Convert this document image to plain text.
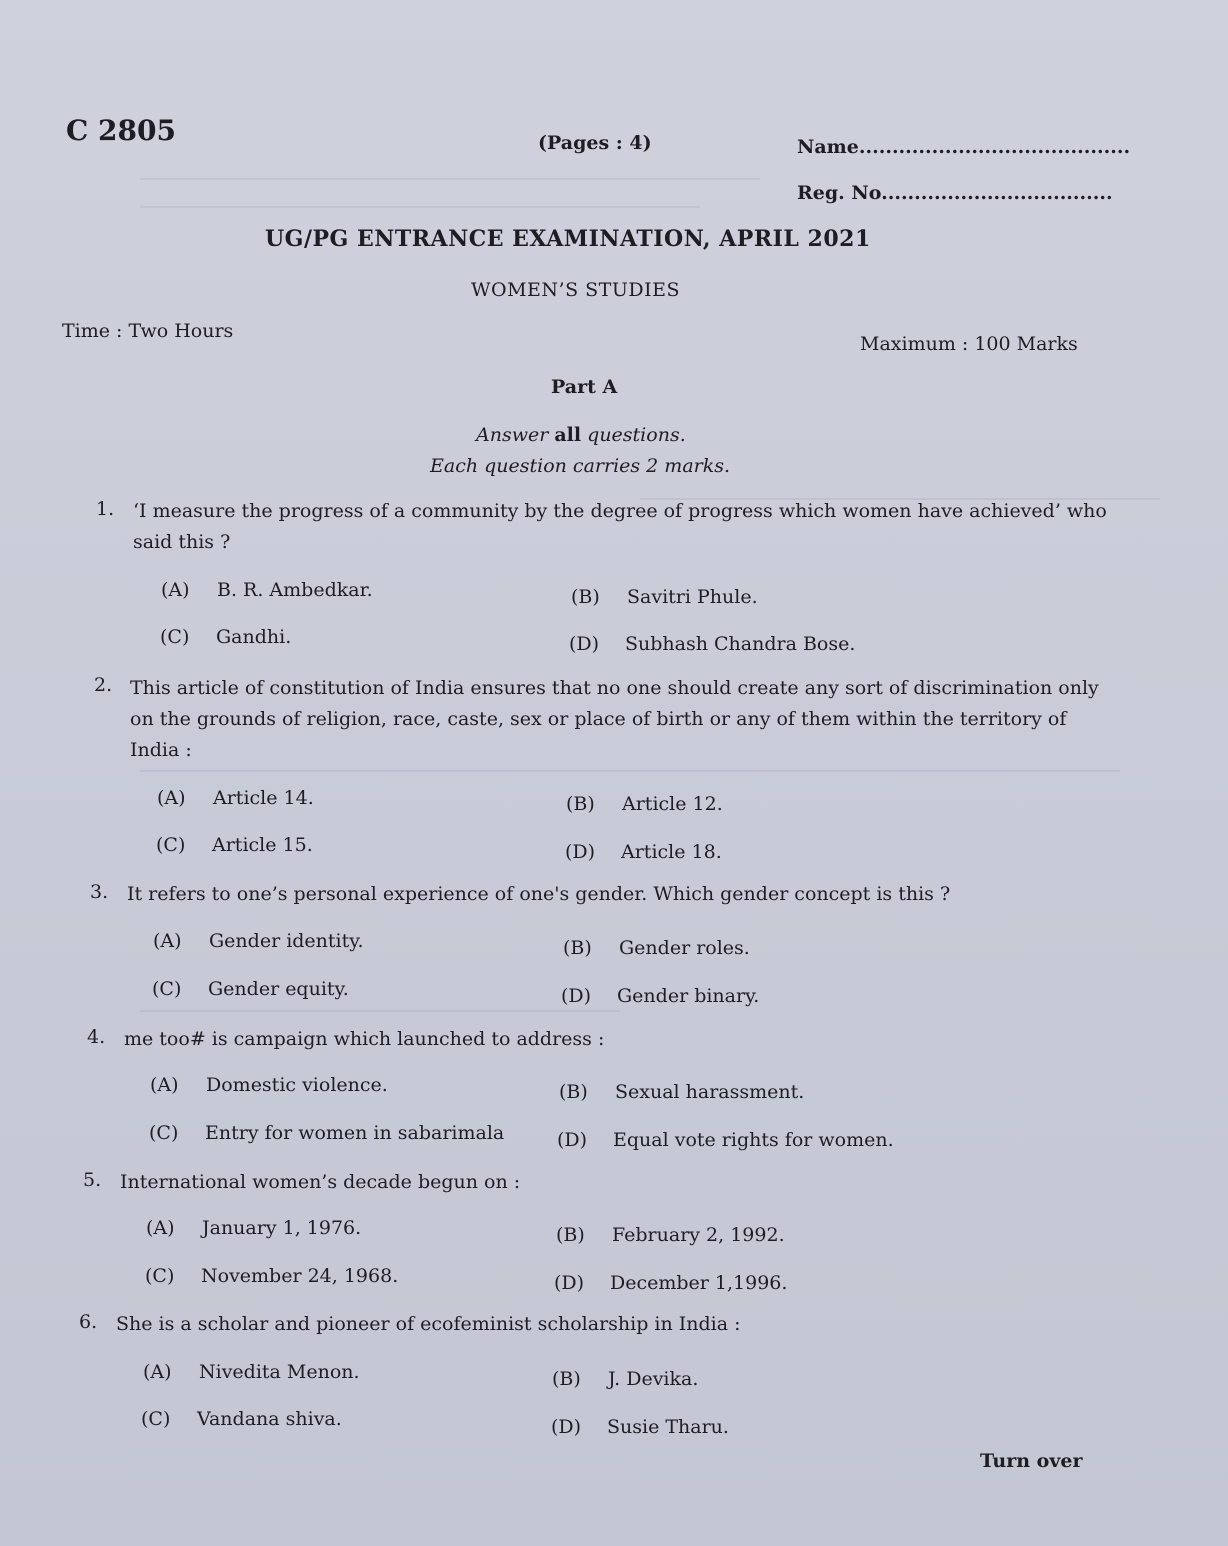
C 2805	(Pages : 4)	Name.........................................
Reg. No...................................
UG/PG ENTRANCE EXAMINATION, APRIL 2021
WOMEN’S STUDIES
Time : Two Hours
Maximum : 100 Marks
Part A
Answer all questions.
Each question carries 2 marks.
1. ‘I measure the progress of a community by the degree of progress which women have achieved’ who said this ?
(A) B. R. Ambedkar.	(B) Savitri Phule.
(C) Gandhi.	(D) Subhash Chandra Bose.
2. This article of constitution of India ensures that no one should create any sort of discrimination only on the grounds of religion, race, caste, sex or place of birth or any of them within the territory of India :
(A) Article 14.	(B) Article 12.
(C) Article 15.	(D) Article 18.
3. It refers to one’s personal experience of one's gender. Which gender concept is this ?
(A) Gender identity.	(B) Gender roles.
(C) Gender equity.	(D) Gender binary.
4. me too# is campaign which launched to address :
(A) Domestic violence.	(B) Sexual harassment.
(C) Entry for women in sabarimala	(D) Equal vote rights for women.
5. International women’s decade begun on :
(A) January 1, 1976.	(B) February 2, 1992.
(C) November 24, 1968.	(D) December 1,1996.
6. She is a scholar and pioneer of ecofeminist scholarship in India :
(A) Nivedita Menon.	(B) J. Devika.
(C) Vandana shiva.	(D) Susie Tharu.
Turn over
